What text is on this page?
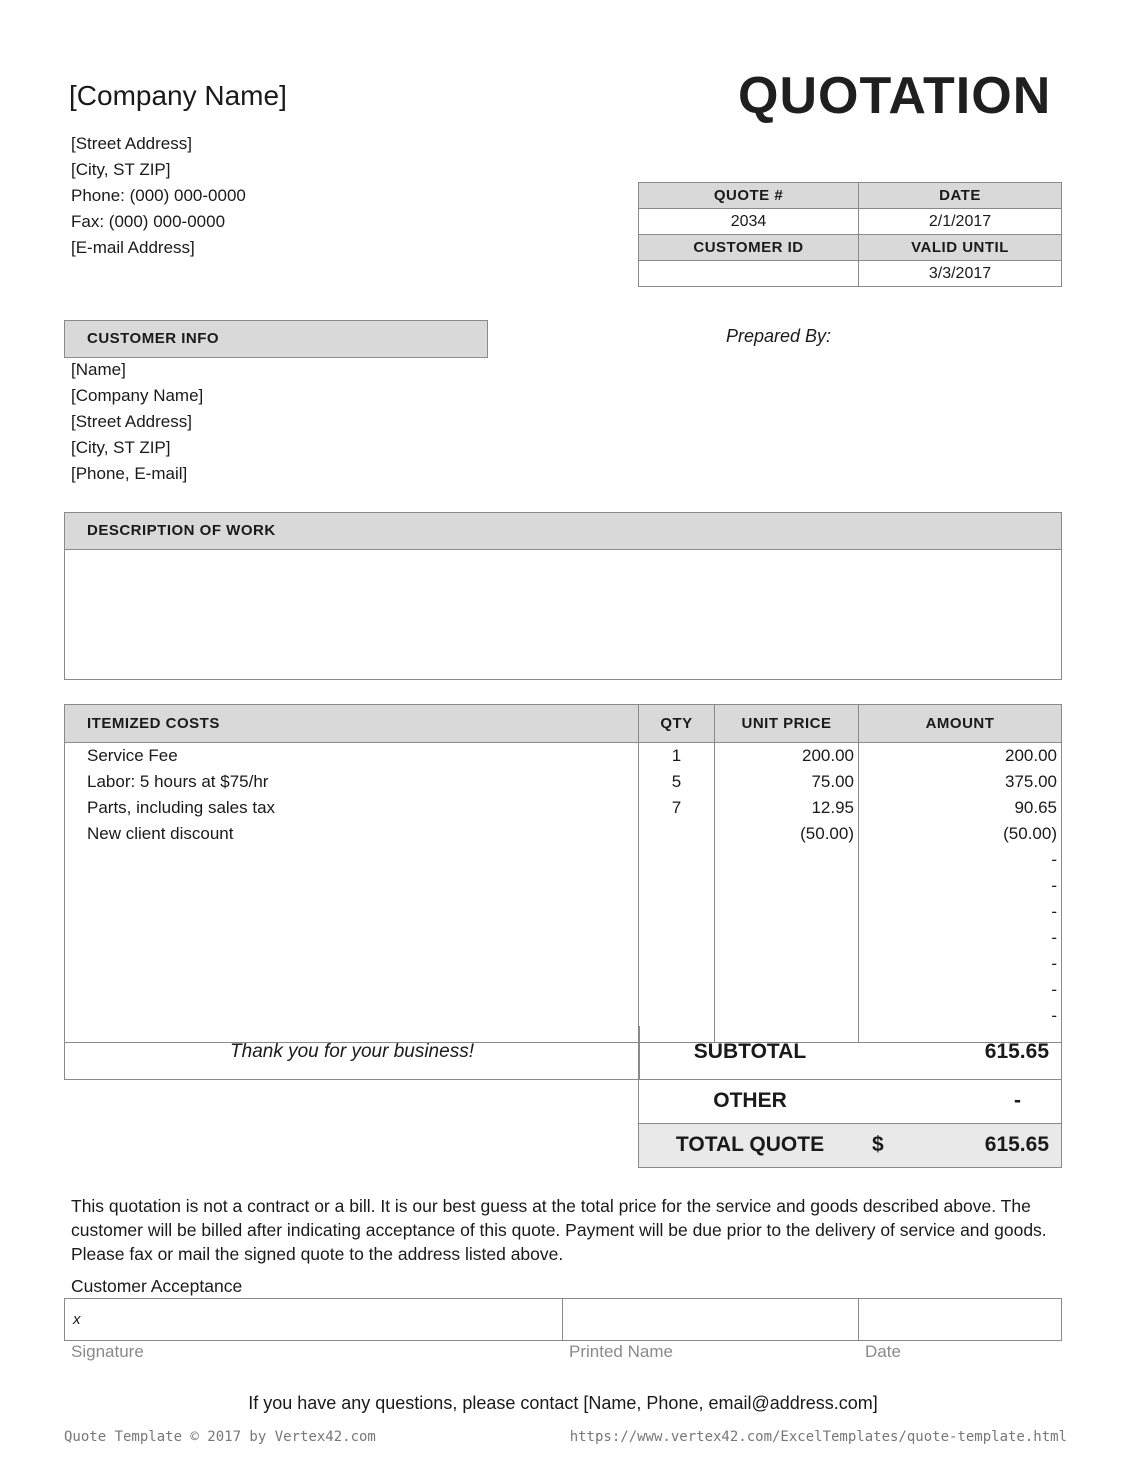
[Company Name]	QUOTATION
[Street Address]
[City, ST ZIP]
Phone: (000) 000-0000
Fax: (000) 000-0000
[E-mail Address]
QUOTE #	DATE
2034	2/1/2017
CUSTOMER ID	VALID UNTIL
	3/3/2017
CUSTOMER INFO
[Name]
[Company Name]
[Street Address]
[City, ST ZIP]
[Phone, E-mail]
Prepared By:
DESCRIPTION OF WORK
ITEMIZED COSTS	QTY	UNIT PRICE	AMOUNT
Service Fee	1	200.00	200.00
Labor: 5 hours at $75/hr	5	75.00	375.00
Parts, including sales tax	7	12.95	90.65
New client discount		(50.00)	(50.00)
			-
			-
			-
			-
			-
			-
			-

Thank you for your business!	SUBTOTAL	615.65
OTHER	-
TOTAL QUOTE	$	615.65
This quotation is not a contract or a bill. It is our best guess at the total price for the service and goods described above. The customer will be billed after indicating acceptance of this quote. Payment will be due prior to the delivery of service and goods. Please fax or mail the signed quote to the address listed above.
Customer Acceptance
x		
Signature	Printed Name	Date
If you have any questions, please contact [Name, Phone, email@address.com]
Quote Template © 2017 by Vertex42.com	https://www.vertex42.com/ExcelTemplates/quote-template.html
